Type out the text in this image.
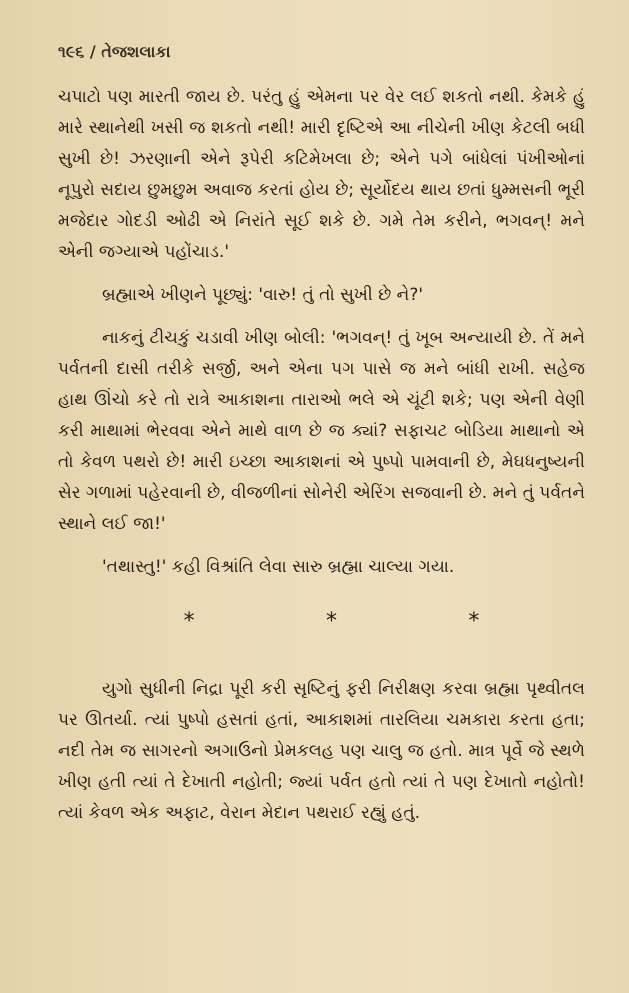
૧૯૬ / તેજશલાકા

ચપાટો પણ મારતી જાય છે. પરંતુ હું એમના પર વેર લઈ શકતો નથી. કેમકે હું મારે સ્થાનેથી ખસી જ શકતો નથી! મારી દૃષ્ટિએ આ નીચેની ખીણ કેટલી બધી સુખી છે! ઝરણાની એને રૂપેરી કટિમેખલા છે; એને પગે બાંધેલાં પંખીઓનાં નૂપુરો સદાય છુમછુમ અવાજ કરતાં હોય છે; સૂર્યોદય થાય છતાં ધુમ્મસની ભૂરી મજેદાર ગોદડી ઓઢી એ નિરાંતે સૂઈ શકે છે. ગમે તેમ કરીને, ભગવન્! મને એની જગ્યાએ પહોંચાડ.'

બ્રહ્માએ ખીણને પૂછ્યું: 'વારુ! તું તો સુખી છે ને?'

નાકનું ટીચકું ચડાવી ખીણ બોલી: 'ભગવન્! તું ખૂબ અન્યાયી છે. તેં મને પર્વતની દાસી તરીકે સર્જી, અને એના પગ પાસે જ મને બાંધી રાખી. સહેજ હાથ ઊંચો કરે તો રાત્રે આકાશના તારાઓ ભલે એ ચૂંટી શકે; પણ એની વેણી કરી માથામાં ભેરવવા એને માથે વાળ છે જ ક્યાં? સફાચટ બોડિયા માથાનો એ તો કેવળ પથરો છે! મારી ઇચ્છા આકાશનાં એ પુષ્પો પામવાની છે, મેઘધનુષ્યની સેર ગળામાં પહેરવાની છે, વીજળીનાં સોનેરી એરિંગ સજવાની છે. મને તું પર્વતને સ્થાને લઈ જા!'

'તથાસ્તુ!' કહી વિશ્રાંતિ લેવા સારુ બ્રહ્મા ચાલ્યા ગયા.

*	*	*

યુગો સુધીની નિદ્રા પૂરી કરી સૃષ્ટિનું ફરી નિરીક્ષણ કરવા બ્રહ્મા પૃથ્વીતલ પર ઊતર્યા. ત્યાં પુષ્પો હસતાં હતાં, આકાશમાં તારલિયા ચમકારા કરતા હતા; નદી તેમ જ સાગરનો અગાઉનો પ્રેમકલહ પણ ચાલુ જ હતો. માત્ર પૂર્વે જે સ્થળે ખીણ હતી ત્યાં તે દેખાતી નહોતી; જ્યાં પર્વત હતો ત્યાં તે પણ દેખાતો નહોતો! ત્યાં કેવળ એક અફાટ, વેરાન મેદાન પથરાઈ રહ્યું હતું.
